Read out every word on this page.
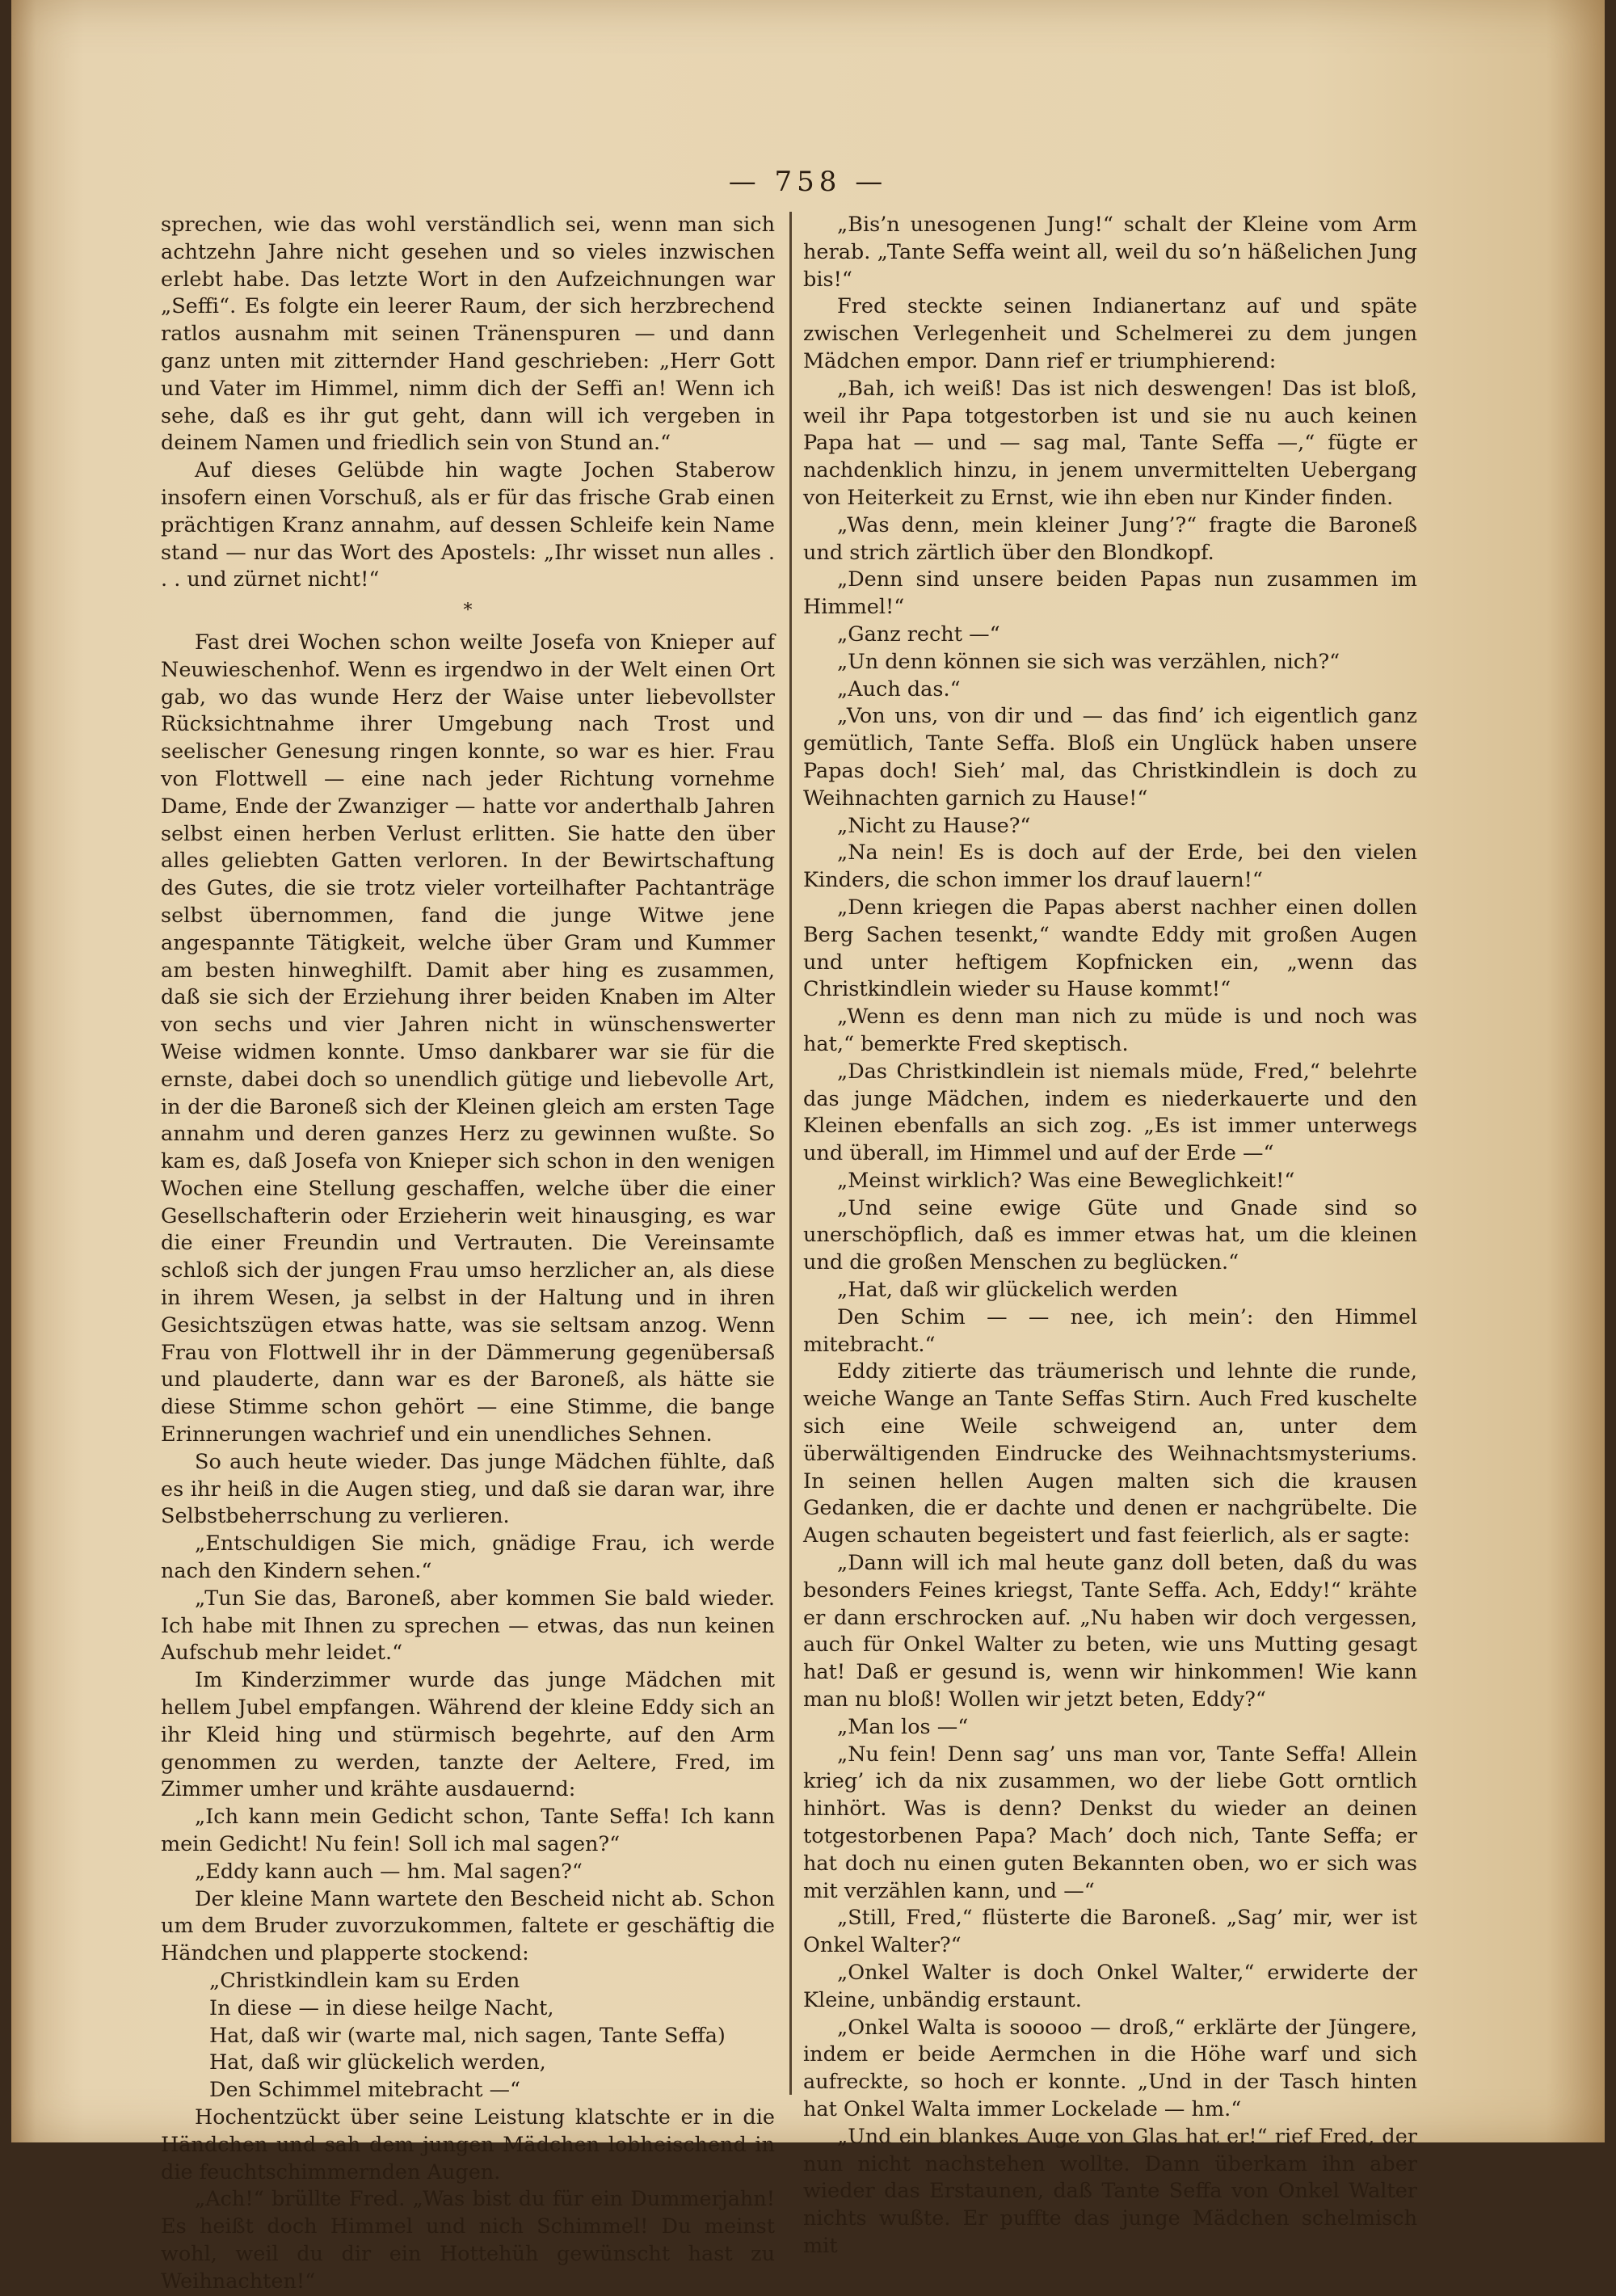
— 758 —

sprechen, wie das wohl verständlich sei, wenn man sich achtzehn Jahre nicht gesehen und so vieles inzwischen erlebt habe. Das letzte Wort in den Aufzeichnungen war „Seffi“. Es folgte ein leerer Raum, der sich herzbrechend ratlos ausnahm mit seinen Tränenspuren — und dann ganz unten mit zitternder Hand geschrieben: „Herr Gott und Vater im Himmel, nimm dich der Seffi an! Wenn ich sehe, daß es ihr gut geht, dann will ich vergeben in deinem Namen und friedlich sein von Stund an.“

Auf dieses Gelübde hin wagte Jochen Staberow insofern einen Vorschuß, als er für das frische Grab einen prächtigen Kranz annahm, auf dessen Schleife kein Name stand — nur das Wort des Apostels: „Ihr wisset nun alles . . . und zürnet nicht!“

*

Fast drei Wochen schon weilte Josefa von Knieper auf Neuwieschenhof. Wenn es irgendwo in der Welt einen Ort gab, wo das wunde Herz der Waise unter liebevollster Rücksichtnahme ihrer Umgebung nach Trost und seelischer Genesung ringen konnte, so war es hier. Frau von Flottwell — eine nach jeder Richtung vornehme Dame, Ende der Zwanziger — hatte vor anderthalb Jahren selbst einen herben Verlust erlitten. Sie hatte den über alles geliebten Gatten verloren. In der Bewirtschaftung des Gutes, die sie trotz vieler vorteilhafter Pachtanträge selbst übernommen, fand die junge Witwe jene angespannte Tätigkeit, welche über Gram und Kummer am besten hinweghilft. Damit aber hing es zusammen, daß sie sich der Erziehung ihrer beiden Knaben im Alter von sechs und vier Jahren nicht in wünschenswerter Weise widmen konnte. Umso dankbarer war sie für die ernste, dabei doch so unendlich gütige und liebevolle Art, in der die Baroneß sich der Kleinen gleich am ersten Tage annahm und deren ganzes Herz zu gewinnen wußte. So kam es, daß Josefa von Knieper sich schon in den wenigen Wochen eine Stellung geschaffen, welche über die einer Gesellschafterin oder Erzieherin weit hinausging, es war die einer Freundin und Vertrauten. Die Vereinsamte schloß sich der jungen Frau umso herzlicher an, als diese in ihrem Wesen, ja selbst in der Haltung und in ihren Gesichtszügen etwas hatte, was sie seltsam anzog. Wenn Frau von Flottwell ihr in der Dämmerung gegenübersaß und plauderte, dann war es der Baroneß, als hätte sie diese Stimme schon gehört — eine Stimme, die bange Erinnerungen wachrief und ein unendliches Sehnen.

So auch heute wieder. Das junge Mädchen fühlte, daß es ihr heiß in die Augen stieg, und daß sie daran war, ihre Selbstbeherrschung zu verlieren.

„Entschuldigen Sie mich, gnädige Frau, ich werde nach den Kindern sehen.“

„Tun Sie das, Baroneß, aber kommen Sie bald wieder. Ich habe mit Ihnen zu sprechen — etwas, das nun keinen Aufschub mehr leidet.“

Im Kinderzimmer wurde das junge Mädchen mit hellem Jubel empfangen. Während der kleine Eddy sich an ihr Kleid hing und stürmisch begehrte, auf den Arm genommen zu werden, tanzte der Aeltere, Fred, im Zimmer umher und krähte ausdauernd:

„Ich kann mein Gedicht schon, Tante Seffa! Ich kann mein Gedicht! Nu fein! Soll ich mal sagen?“

„Eddy kann auch — hm. Mal sagen?“

Der kleine Mann wartete den Bescheid nicht ab. Schon um dem Bruder zuvorzukommen, faltete er geschäftig die Händchen und plapperte stockend:

„Christkindlein kam su Erden

In diese — in diese heilge Nacht,

Hat, daß wir (warte mal, nich sagen, Tante Seffa)

Hat, daß wir glückelich werden,

Den Schimmel mitebracht —“

Hochentzückt über seine Leistung klatschte er in die Händchen und sah dem jungen Mädchen lobheischend in die feuchtschimmernden Augen.

„Ach!“ brüllte Fred. „Was bist du für ein Dummerjahn! Es heißt doch Himmel und nich Schimmel! Du meinst wohl, weil du dir ein Hottehüh gewünscht hast zu Weihnachten!“

„Bis’n unesogenen Jung!“ schalt der Kleine vom Arm herab. „Tante Seffa weint all, weil du so’n häßelichen Jung bis!“

Fred steckte seinen Indianertanz auf und späte zwischen Verlegenheit und Schelmerei zu dem jungen Mädchen empor. Dann rief er triumphierend:

„Bah, ich weiß! Das ist nich deswengen! Das ist bloß, weil ihr Papa totgestorben ist und sie nu auch keinen Papa hat — und — sag mal, Tante Seffa —,“ fügte er nachdenklich hinzu, in jenem unvermittelten Uebergang von Heiterkeit zu Ernst, wie ihn eben nur Kinder finden.

„Was denn, mein kleiner Jung’?“ fragte die Baroneß und strich zärtlich über den Blondkopf.

„Denn sind unsere beiden Papas nun zusammen im Himmel!“

„Ganz recht —“

„Un denn können sie sich was verzählen, nich?“

„Auch das.“

„Von uns, von dir und — das find’ ich eigentlich ganz gemütlich, Tante Seffa. Bloß ein Unglück haben unsere Papas doch! Sieh’ mal, das Christkindlein is doch zu Weihnachten garnich zu Hause!“

„Nicht zu Hause?“

„Na nein! Es is doch auf der Erde, bei den vielen Kinders, die schon immer los drauf lauern!“

„Denn kriegen die Papas aberst nachher einen dollen Berg Sachen tesenkt,“ wandte Eddy mit großen Augen und unter heftigem Kopfnicken ein, „wenn das Christkindlein wieder su Hause kommt!“

„Wenn es denn man nich zu müde is und noch was hat,“ bemerkte Fred skeptisch.

„Das Christkindlein ist niemals müde, Fred,“ belehrte das junge Mädchen, indem es niederkauerte und den Kleinen ebenfalls an sich zog. „Es ist immer unterwegs und überall, im Himmel und auf der Erde —“

„Meinst wirklich? Was eine Beweglichkeit!“

„Und seine ewige Güte und Gnade sind so unerschöpflich, daß es immer etwas hat, um die kleinen und die großen Menschen zu beglücken.“

„Hat, daß wir glückelich werden

Den Schim — — nee, ich mein’: den Himmel mitebracht.“

Eddy zitierte das träumerisch und lehnte die runde, weiche Wange an Tante Seffas Stirn. Auch Fred kuschelte sich eine Weile schweigend an, unter dem überwältigenden Eindrucke des Weihnachtsmysteriums. In seinen hellen Augen malten sich die krausen Gedanken, die er dachte und denen er nachgrübelte. Die Augen schauten begeistert und fast feierlich, als er sagte:

„Dann will ich mal heute ganz doll beten, daß du was besonders Feines kriegst, Tante Seffa. Ach, Eddy!“ krähte er dann erschrocken auf. „Nu haben wir doch vergessen, auch für Onkel Walter zu beten, wie uns Mutting gesagt hat! Daß er gesund is, wenn wir hinkommen! Wie kann man nu bloß! Wollen wir jetzt beten, Eddy?“

„Man los —“

„Nu fein! Denn sag’ uns man vor, Tante Seffa! Allein krieg’ ich da nix zusammen, wo der liebe Gott orntlich hinhört. Was is denn? Denkst du wieder an deinen totgestorbenen Papa? Mach’ doch nich, Tante Seffa; er hat doch nu einen guten Bekannten oben, wo er sich was mit verzählen kann, und —“

„Still, Fred,“ flüsterte die Baroneß. „Sag’ mir, wer ist Onkel Walter?“

„Onkel Walter is doch Onkel Walter,“ erwiderte der Kleine, unbändig erstaunt.

„Onkel Walta is sooooo — droß,“ erklärte der Jüngere, indem er beide Aermchen in die Höhe warf und sich aufreckte, so hoch er konnte. „Und in der Tasch hinten hat Onkel Walta immer Lockelade — hm.“

„Und ein blankes Auge von Glas hat er!“ rief Fred, der nun nicht nachstehen wollte. Dann überkam ihn aber wieder das Erstaunen, daß Tante Seffa von Onkel Walter nichts wußte. Er puffte das junge Mädchen schelmisch mit
